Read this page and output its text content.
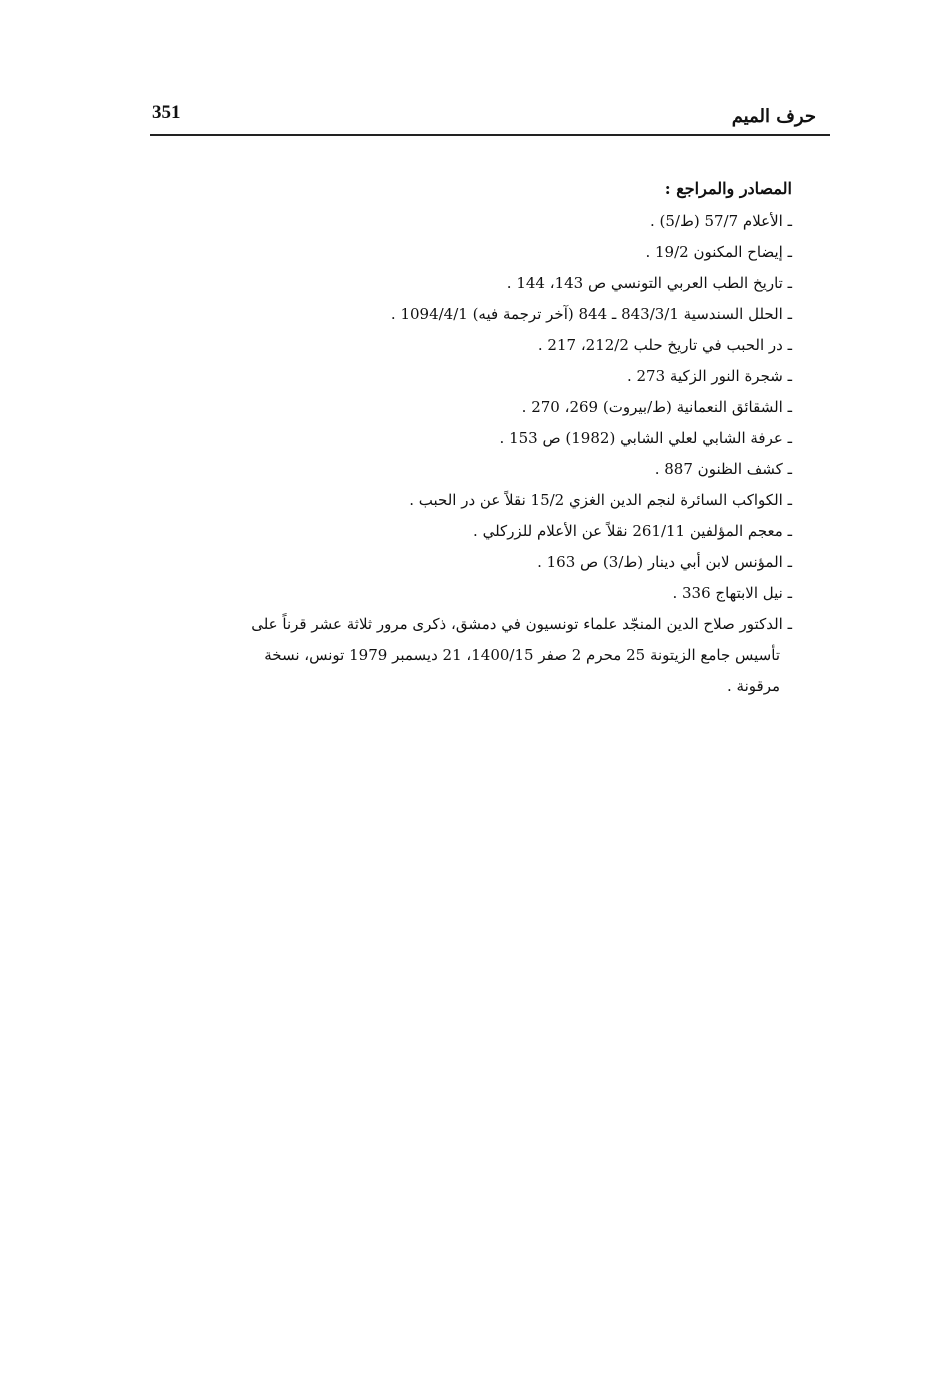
351	حرف الميم

المصادر والمراجع :

ـ الأعلام 57/7 (ط/5) .
ـ إيضاح المكنون 19/2 .
ـ تاريخ الطب العربي التونسي ص 143، 144 .
ـ الحلل السندسية 843/3/1 ـ 844 (آخر ترجمة فيه) 1094/4/1 .
ـ در الحبب في تاريخ حلب 212/2، 217 .
ـ شجرة النور الزكية 273 .
ـ الشقائق النعمانية (ط/بيروت) 269، 270 .
ـ عرفة الشابي لعلي الشابي (1982) ص 153 .
ـ كشف الظنون 887 .
ـ الكواكب السائرة لنجم الدين الغزي 15/2 نقلاً عن در الحبب .
ـ معجم المؤلفين 261/11 نقلاً عن الأعلام للزركلي .
ـ المؤنس لابن أبي دينار (ط/3) ص 163 .
ـ نيل الابتهاج 336 .
ـ الدكتور صلاح الدين المنجّد علماء تونسيون في دمشق، ذكرى مرور ثلاثة عشر قرناً على
تأسيس جامع الزيتونة 25 محرم 2 صفر 1400/15، 21 ديسمبر 1979 تونس، نسخة
مرقونة .
